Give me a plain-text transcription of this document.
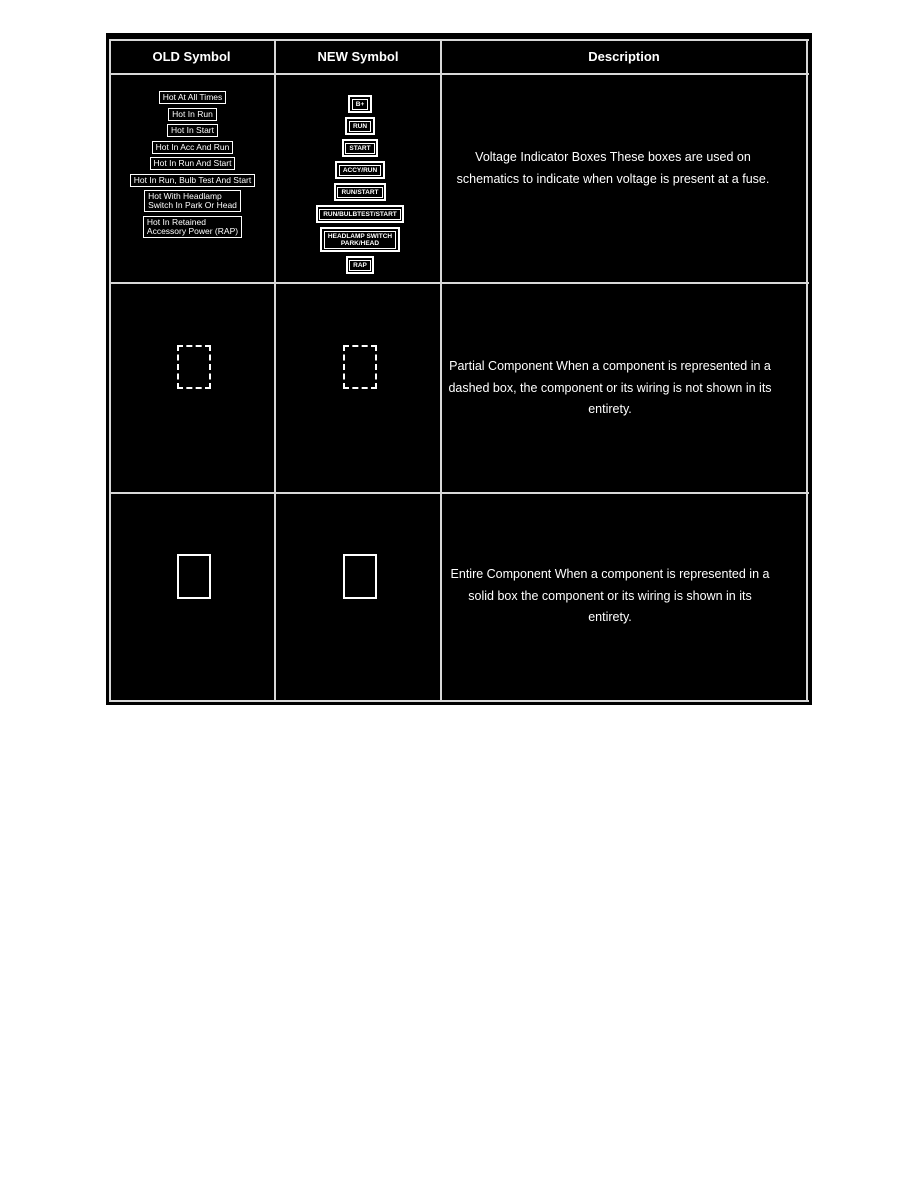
OLD Symbol	NEW Symbol	Description
Hot At All Times
Hot In Run
Hot In Start
Hot In Acc And Run
Hot In Run And Start
Hot In Run, Bulb Test And Start
Hot With Headlamp
Switch In Park Or Head
Hot In Retained
Accessory Power (RAP)
B+
RUN
START
ACCY/RUN
RUN/START
RUN/BULBTEST/START
HEADLAMP SWITCH
PARK/HEAD
RAP
Voltage Indicator Boxes These boxes are used on schematics to indicate when voltage is present at a fuse.
Partial Component When a component is represented in a dashed box, the component or its wiring is not shown in its entirety.
Entire Component When a component is represented in a solid box the component or its wiring is shown in its entirety.
